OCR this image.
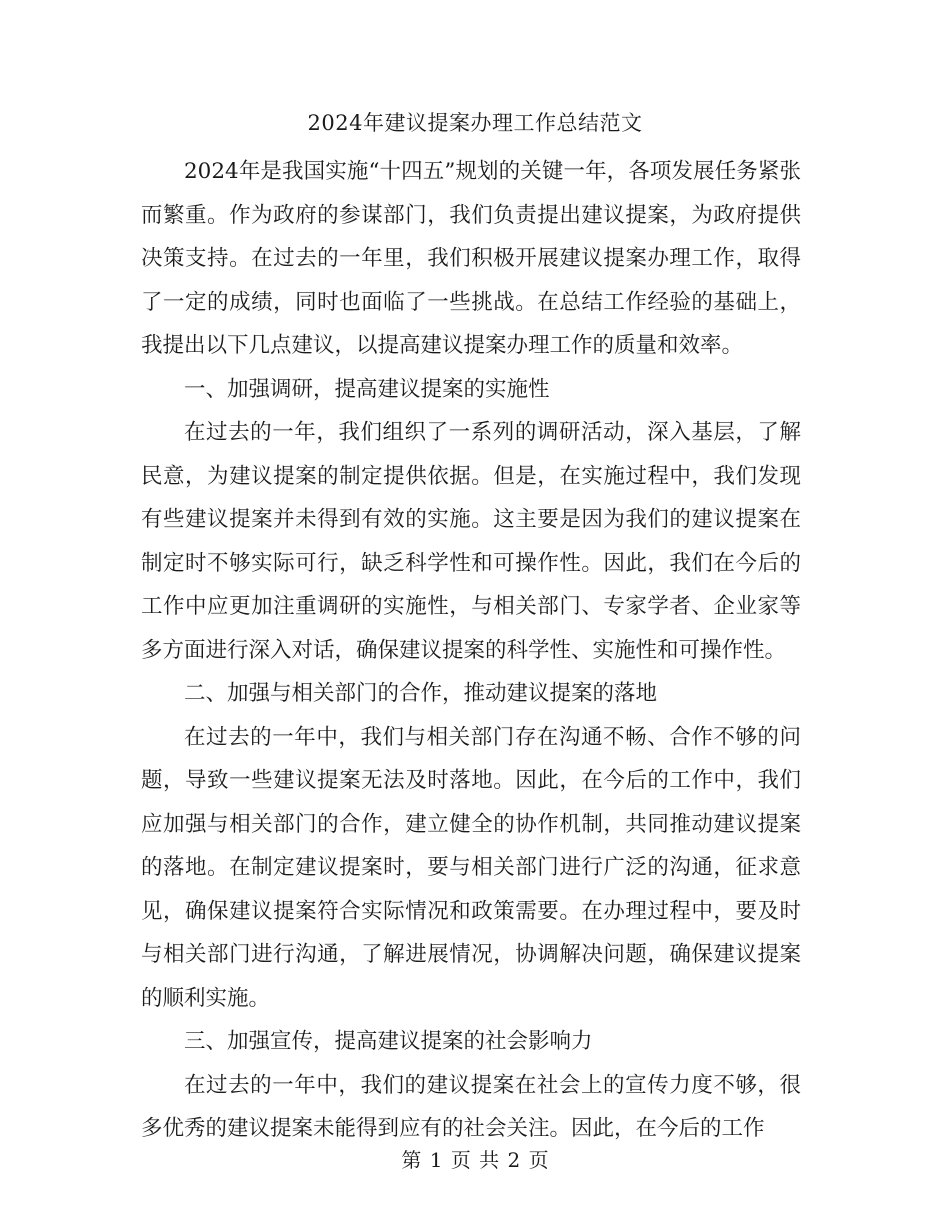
2024年建议提案办理工作总结范文

2024年是我国实施“十四五”规划的关键一年，各项发展任务紧张而繁重。作为政府的参谋部门，我们负责提出建议提案，为政府提供决策支持。在过去的一年里，我们积极开展建议提案办理工作，取得了一定的成绩，同时也面临了一些挑战。在总结工作经验的基础上，我提出以下几点建议，以提高建议提案办理工作的质量和效率。

一、加强调研，提高建议提案的实施性

在过去的一年，我们组织了一系列的调研活动，深入基层，了解民意，为建议提案的制定提供依据。但是，在实施过程中，我们发现有些建议提案并未得到有效的实施。这主要是因为我们的建议提案在制定时不够实际可行，缺乏科学性和可操作性。因此，我们在今后的工作中应更加注重调研的实施性，与相关部门、专家学者、企业家等多方面进行深入对话，确保建议提案的科学性、实施性和可操作性。

二、加强与相关部门的合作，推动建议提案的落地

在过去的一年中，我们与相关部门存在沟通不畅、合作不够的问题，导致一些建议提案无法及时落地。因此，在今后的工作中，我们应加强与相关部门的合作，建立健全的协作机制，共同推动建议提案的落地。在制定建议提案时，要与相关部门进行广泛的沟通，征求意见，确保建议提案符合实际情况和政策需要。在办理过程中，要及时与相关部门进行沟通，了解进展情况，协调解决问题，确保建议提案的顺利实施。

三、加强宣传，提高建议提案的社会影响力

在过去的一年中，我们的建议提案在社会上的宣传力度不够，很多优秀的建议提案未能得到应有的社会关注。因此，在今后的工作

第 1 页 共 2 页
